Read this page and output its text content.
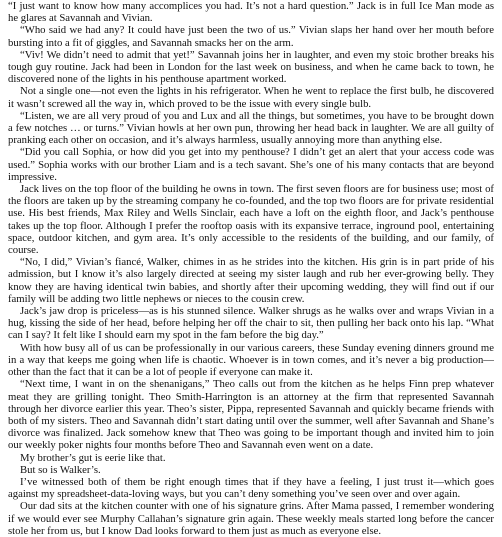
“I just want to know how many accomplices you had. It’s not a hard question.” Jack is in full Ice Man mode as he glares at Savannah and Vivian.

“Who said we had any? It could have just been the two of us.” Vivian slaps her hand over her mouth before bursting into a fit of giggles, and Savannah smacks her on the arm.

“Viv! We didn’t need to admit that yet!” Savannah joins her in laughter, and even my stoic brother breaks his tough guy routine. Jack had been in London for the last week on business, and when he came back to town, he discovered none of the lights in his penthouse apartment worked.

Not a single one—not even the lights in his refrigerator. When he went to replace the first bulb, he discovered it wasn’t screwed all the way in, which proved to be the issue with every single bulb.

“Listen, we are all very proud of you and Lux and all the things, but sometimes, you have to be brought down a few notches … or turns.” Vivian howls at her own pun, throwing her head back in laughter. We are all guilty of pranking each other on occasion, and it’s always harmless, usually annoying more than anything else.

“Did you call Sophia, or how did you get into my penthouse? I didn’t get an alert that your access code was used.” Sophia works with our brother Liam and is a tech savant. She’s one of his many contacts that are beyond impressive.

Jack lives on the top floor of the building he owns in town. The first seven floors are for business use; most of the floors are taken up by the streaming company he co-founded, and the top two floors are for private residential use. His best friends, Max Riley and Wells Sinclair, each have a loft on the eighth floor, and Jack’s penthouse takes up the top floor. Although I prefer the rooftop oasis with its expansive terrace, inground pool, entertaining space, outdoor kitchen, and gym area. It’s only accessible to the residents of the building, and our family, of course.

“No, I did,” Vivian’s fiancé, Walker, chimes in as he strides into the kitchen. His grin is in part pride of his admission, but I know it’s also largely directed at seeing my sister laugh and rub her ever-growing belly. They know they are having identical twin babies, and shortly after their upcoming wedding, they will find out if our family will be adding two little nephews or nieces to the cousin crew.

Jack’s jaw drop is priceless—as is his stunned silence. Walker shrugs as he walks over and wraps Vivian in a hug, kissing the side of her head, before helping her off the chair to sit, then pulling her back onto his lap. “What can I say? It felt like I should earn my spot in the fam before the big day.”

With how busy all of us can be professionally in our various careers, these Sunday evening dinners ground me in a way that keeps me going when life is chaotic. Whoever is in town comes, and it’s never a big production—other than the fact that it can be a lot of people if everyone can make it.

“Next time, I want in on the shenanigans,” Theo calls out from the kitchen as he helps Finn prep whatever meat they are grilling tonight. Theo Smith-Harrington is an attorney at the firm that represented Savannah through her divorce earlier this year. Theo’s sister, Pippa, represented Savannah and quickly became friends with both of my sisters. Theo and Savannah didn’t start dating until over the summer, well after Savannah and Shane’s divorce was finalized. Jack somehow knew that Theo was going to be important though and invited him to join our weekly poker nights four months before Theo and Savannah even went on a date.

My brother’s gut is eerie like that.

But so is Walker’s.

I’ve witnessed both of them be right enough times that if they have a feeling, I just trust it—which goes against my spreadsheet-data-loving ways, but you can’t deny something you’ve seen over and over again.

Our dad sits at the kitchen counter with one of his signature grins. After Mama passed, I remember wondering if we would ever see Murphy Callahan’s signature grin again. These weekly meals started long before the cancer stole her from us, but I know Dad looks forward to them just as much as everyone else.
